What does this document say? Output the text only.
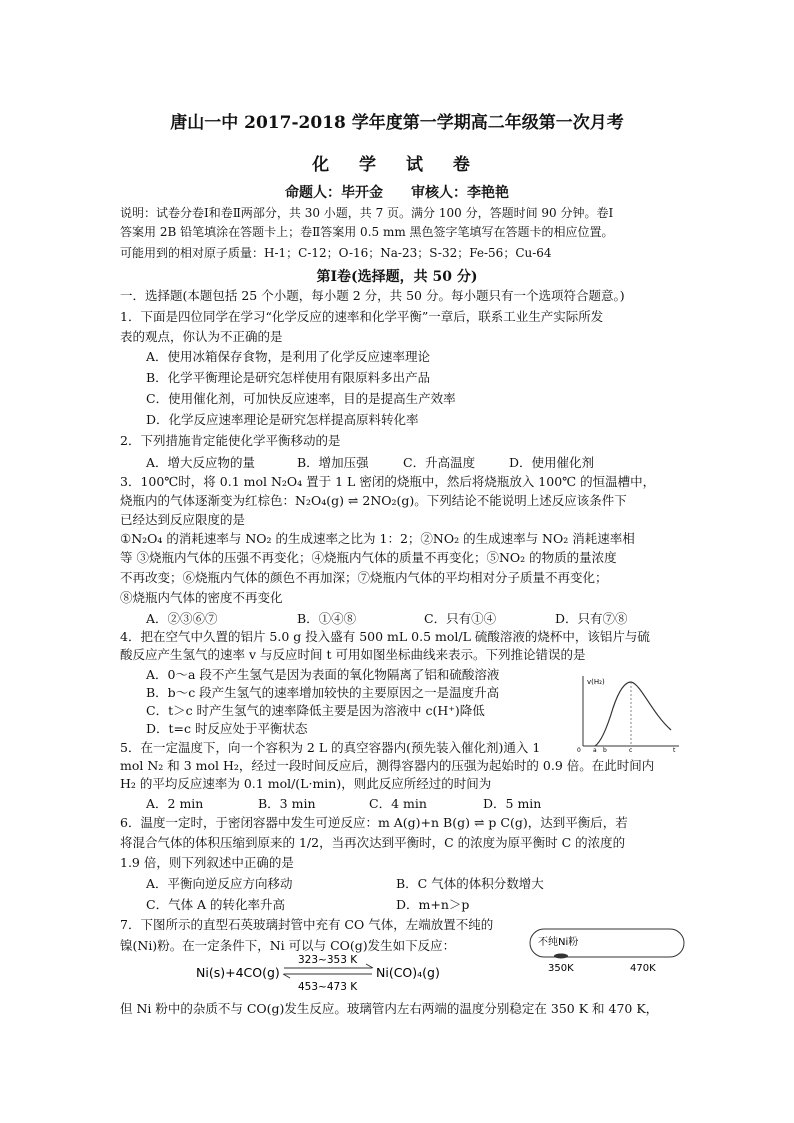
唐山一中 2017-2018 学年度第一学期高二年级第一次月考
化 学 试 卷
命题人：毕开金　　审核人：李艳艳
说明：试卷分卷Ⅰ和卷Ⅱ两部分，共 30 小题，共 7 页。满分 100 分，答题时间 90 分钟。卷Ⅰ
答案用 2B 铅笔填涂在答题卡上；卷Ⅱ答案用 0.5 mm 黑色签字笔填写在答题卡的相应位置。
可能用到的相对原子质量：H-1；C-12；O-16；Na-23；S-32；Fe-56；Cu-64
第Ⅰ卷(选择题，共 50 分)
一．选择题(本题包括 25 个小题，每小题 2 分，共 50 分。每小题只有一个选项符合题意。)
1．下面是四位同学在学习“化学反应的速率和化学平衡”一章后，联系工业生产实际所发
表的观点，你认为不正确的是
A．使用冰箱保存食物，是利用了化学反应速率理论
B．化学平衡理论是研究怎样使用有限原料多出产品
C．使用催化剂，可加快反应速率，目的是提高生产效率
D．化学反应速率理论是研究怎样提高原料转化率
2．下列措施肯定能使化学平衡移动的是
A．增大反应物的量	B．增加压强	C．升高温度	D．使用催化剂
3．100℃时，将 0.1 mol N₂O₄ 置于 1 L 密闭的烧瓶中，然后将烧瓶放入 100℃ 的恒温槽中，
烧瓶内的气体逐渐变为红棕色：N₂O₄(g) ⇌ 2NO₂(g)。下列结论不能说明上述反应该条件下
已经达到反应限度的是
①N₂O₄ 的消耗速率与 NO₂ 的生成速率之比为 1：2；②NO₂ 的生成速率与 NO₂ 消耗速率相
等 ③烧瓶内气体的压强不再变化；④烧瓶内气体的质量不再变化；⑤NO₂ 的物质的量浓度
不再改变；⑥烧瓶内气体的颜色不再加深；⑦烧瓶内气体的平均相对分子质量不再变化；
⑧烧瓶内气体的密度不再变化
A．②③⑥⑦	B．①④⑧	C．只有①④	D．只有⑦⑧
4．把在空气中久置的铝片 5.0 g 投入盛有 500 mL 0.5 mol/L 硫酸溶液的烧杯中，该铝片与硫
酸反应产生氢气的速率 v 与反应时间 t 可用如图坐标曲线来表示。下列推论错误的是
A．0～a 段不产生氢气是因为表面的氧化物隔离了铝和硫酸溶液
B．b～c 段产生氢气的速率增加较快的主要原因之一是温度升高
C．t＞c 时产生氢气的速率降低主要是因为溶液中 c(H⁺)降低
D．t=c 时反应处于平衡状态
v(H₂)
0 a b	c	t
5．在一定温度下，向一个容积为 2 L 的真空容器内(预先装入催化剂)通入 1
mol N₂ 和 3 mol H₂，经过一段时间反应后，测得容器内的压强为起始时的 0.9 倍。在此时间内
H₂ 的平均反应速率为 0.1 mol/(L·min)，则此反应所经过的时间为
A．2 min	B．3 min	C．4 min	D．5 min
6．温度一定时，于密闭容器中发生可逆反应：m A(g)+n B(g) ⇌ p C(g)，达到平衡后，若
将混合气体的体积压缩到原来的 1/2，当再次达到平衡时，C 的浓度为原平衡时 C 的浓度的
1.9 倍，则下列叙述中正确的是
A．平衡向逆反应方向移动	B．C 气体的体积分数增大
C．气体 A 的转化率升高	D．m+n＞p
7．下图所示的直型石英玻璃封管中充有 CO 气体，左端放置不纯的
镍(Ni)粉。在一定条件下，Ni 可以与 CO(g)发生如下反应：	不纯Ni粉
350K	470K
Ni(s)+4CO(g)
323~353 K
453~473 K
Ni(CO)₄(g)
但 Ni 粉中的杂质不与 CO(g)发生反应。玻璃管内左右两端的温度分别稳定在 350 K 和 470 K，
